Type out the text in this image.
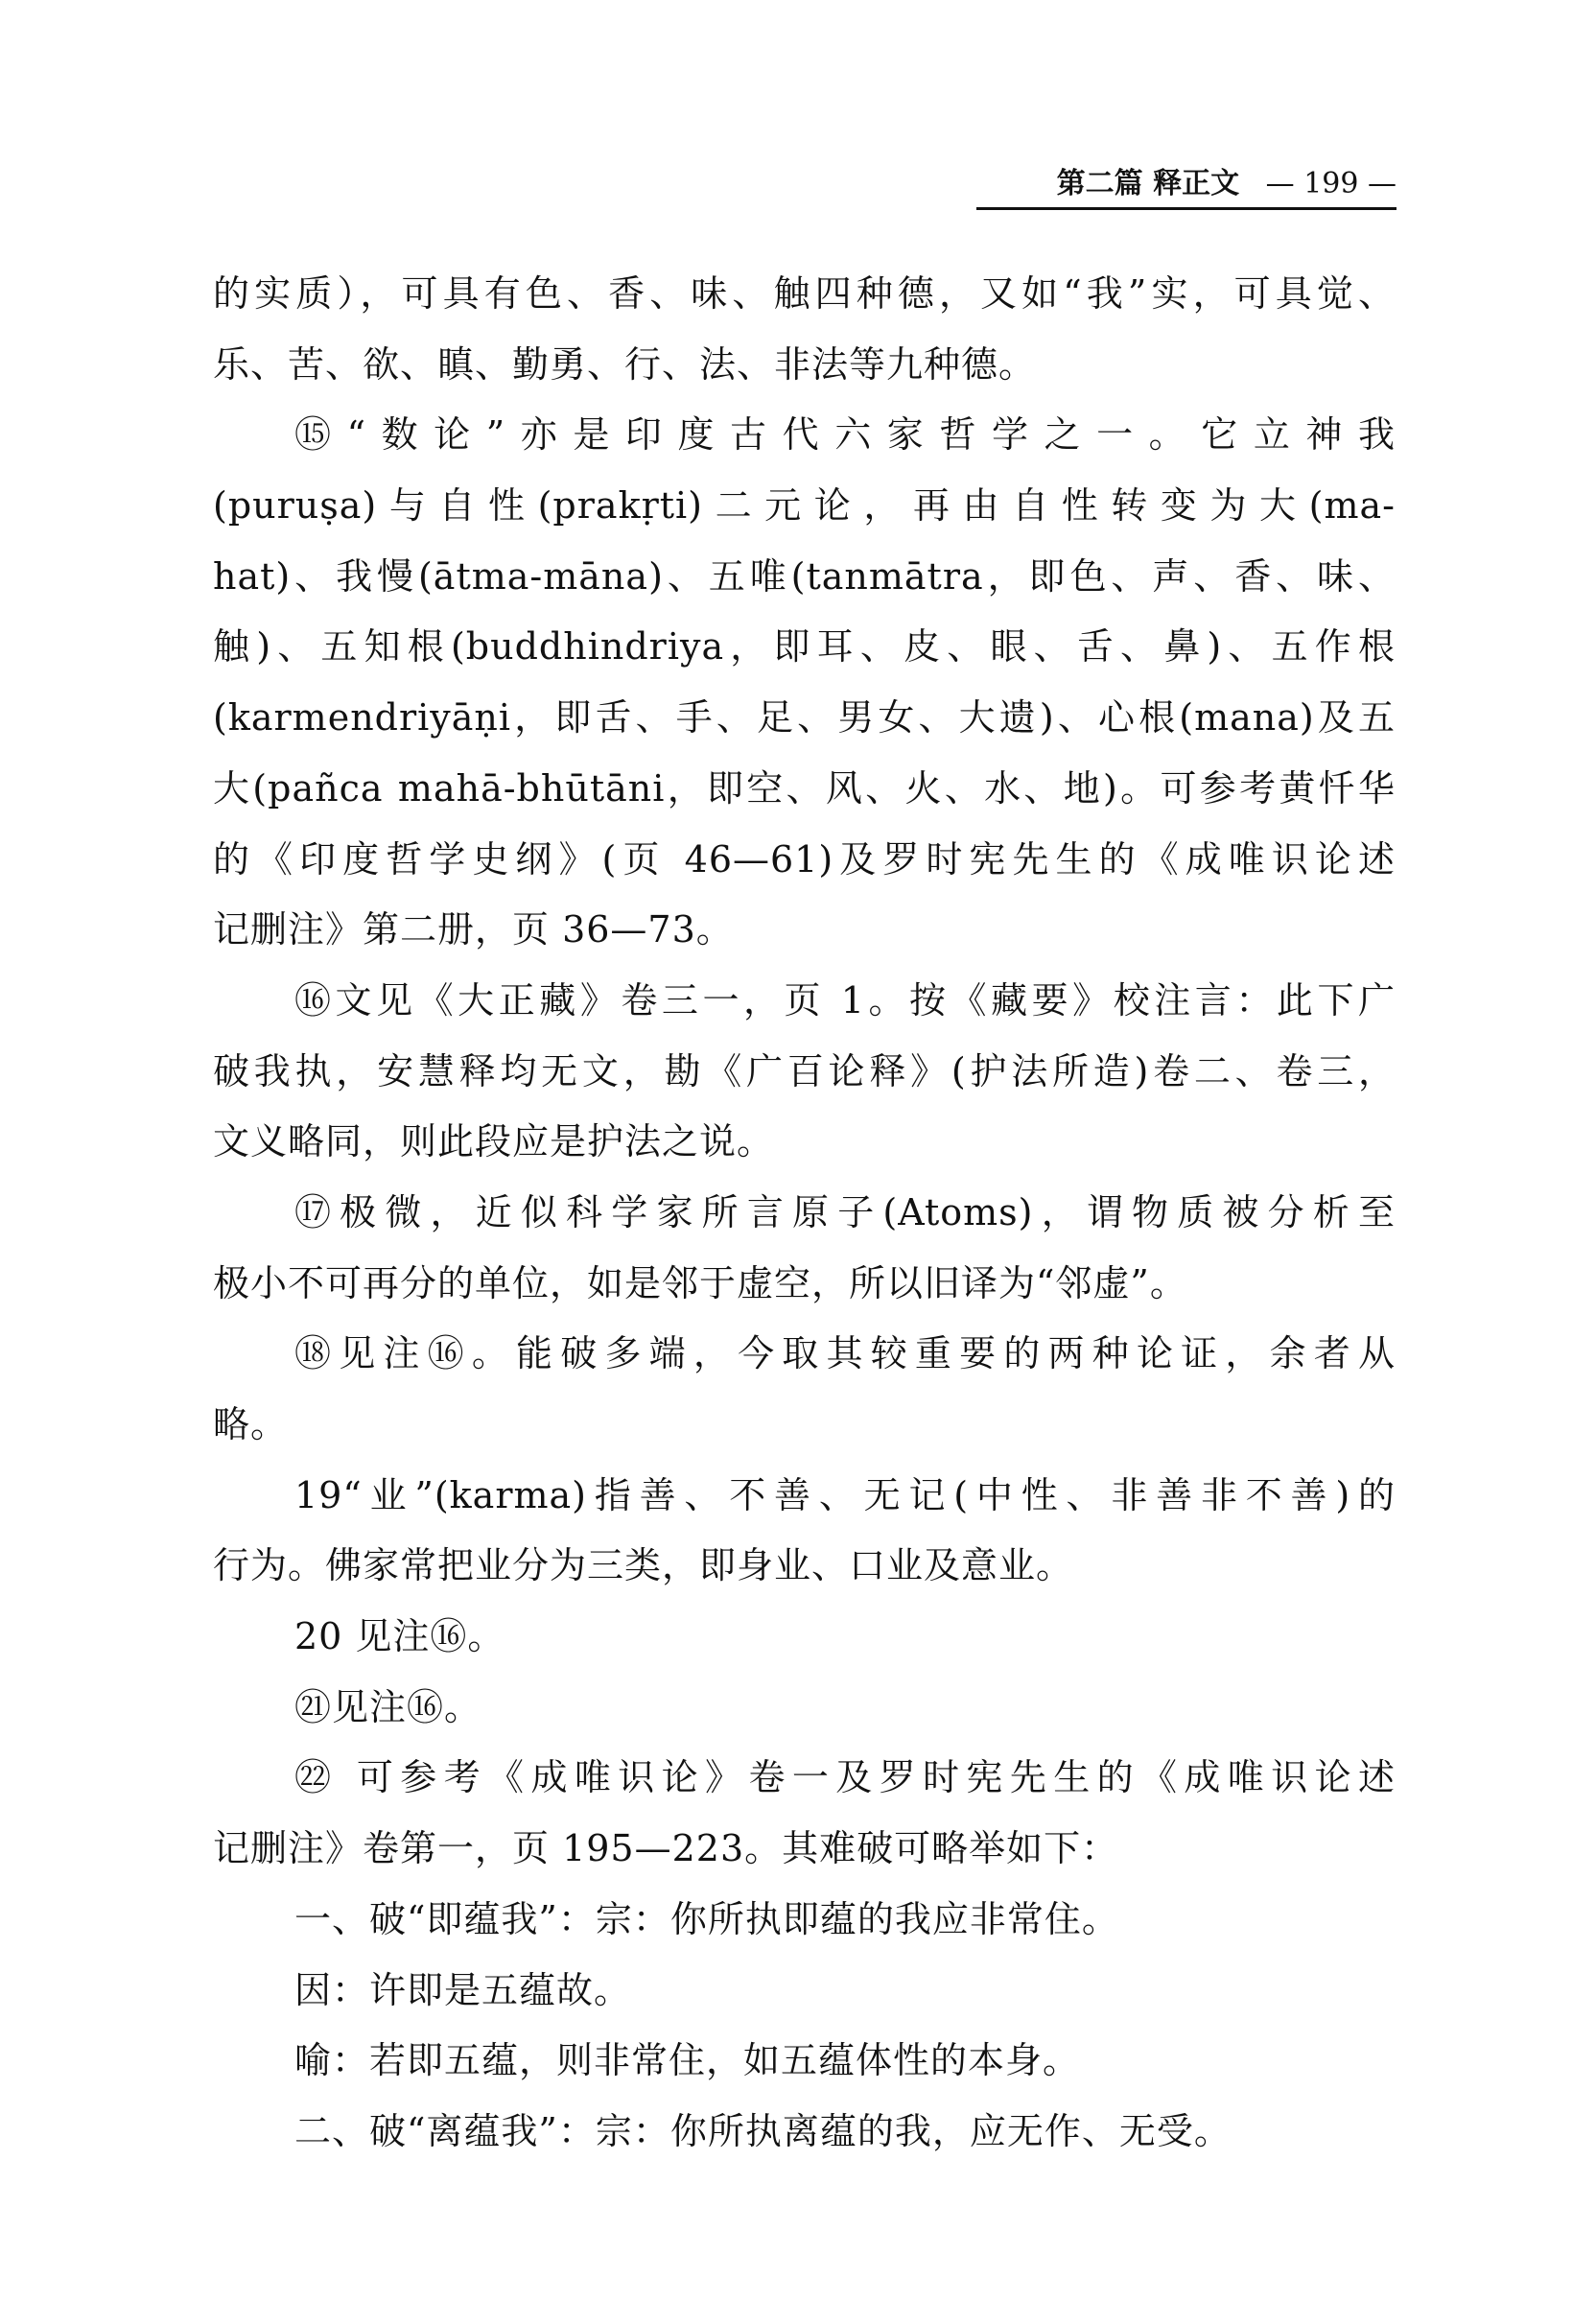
第二篇 释正文 — 199 —
的实质），可具有色、香、味、触四种德，又如“我”实，可具觉、
乐、苦、欲、瞋、勤勇、行、法、非法等九种德。
⑮“数论”亦是印度古代六家哲学之一。它立神我
(puruṣa)与自性(prakṛti)二元论，再由自性转变为大(ma-
hat)、我慢(ātma-māna)、五唯(tanmātra，即色、声、香、味、
触)、五知根(buddhindriya，即耳、皮、眼、舌、鼻)、五作根
(karmendriyāṇi，即舌、手、足、男女、大遗)、心根(mana)及五
大(pañca mahā-bhūtāni，即空、风、火、水、地)。可参考黄忏华
的《印度哲学史纲》(页 46—61)及罗时宪先生的《成唯识论述
记删注》第二册，页 36—73。
⑯文见《大正藏》卷三一，页 1。按《藏要》校注言：此下广
破我执，安慧释均无文，勘《广百论释》(护法所造)卷二、卷三，
文义略同，则此段应是护法之说。
⑰极微，近似科学家所言原子(Atoms)，谓物质被分析至
极小不可再分的单位，如是邻于虚空，所以旧译为“邻虚”。
⑱见注⑯。能破多端，今取其较重要的两种论证，余者从
略。
19“业”(karma)指善、不善、无记(中性、非善非不善)的
行为。佛家常把业分为三类，即身业、口业及意业。
20 见注⑯。
㉑见注⑯。
㉒ 可参考《成唯识论》卷一及罗时宪先生的《成唯识论述
记删注》卷第一，页 195—223。其难破可略举如下：
一、破“即蕴我”：宗：你所执即蕴的我应非常住。
因：许即是五蕴故。
喻：若即五蕴，则非常住，如五蕴体性的本身。
二、破“离蕴我”：宗：你所执离蕴的我，应无作、无受。
